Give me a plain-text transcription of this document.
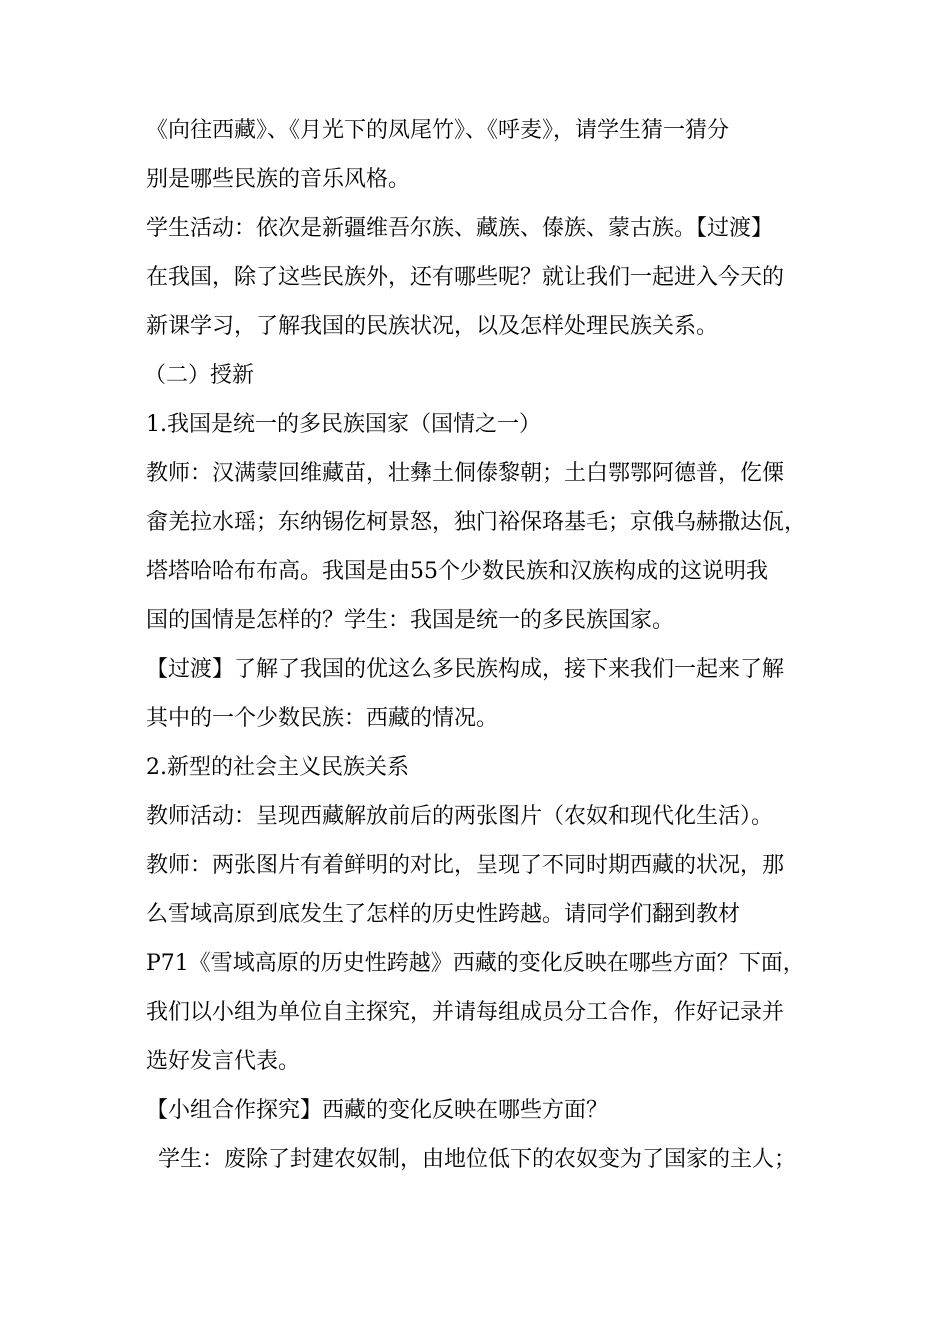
《向往西藏》、《月光下的凤尾竹》、《呼麦》，请学生猜一猜分
别是哪些民族的音乐风格。
学生活动：依次是新疆维吾尔族、藏族、傣族、蒙古族。【过渡】
在我国，除了这些民族外，还有哪些呢？就让我们一起进入今天的
新课学习，了解我国的民族状况，以及怎样处理民族关系。
（二）授新
1.我国是统一的多民族国家（国情之一）
教师：汉满蒙回维藏苗，壮彝土侗傣黎朝；土白鄂鄂阿德普，仡傈
畲羌拉水瑶；东纳锡仡柯景怒，独门裕保珞基毛；京俄乌赫撒达佤，
塔塔哈哈布布高。我国是由55个少数民族和汉族构成的这说明我
国的国情是怎样的？学生：我国是统一的多民族国家。
【过渡】了解了我国的优这么多民族构成，接下来我们一起来了解
其中的一个少数民族：西藏的情况。
2.新型的社会主义民族关系
教师活动：呈现西藏解放前后的两张图片（农奴和现代化生活）。
教师：两张图片有着鲜明的对比，呈现了不同时期西藏的状况，那
么雪域高原到底发生了怎样的历史性跨越。请同学们翻到教材
P71《雪域高原的历史性跨越》西藏的变化反映在哪些方面？下面，
我们以小组为单位自主探究，并请每组成员分工合作，作好记录并
选好发言代表。
【小组合作探究】西藏的变化反映在哪些方面？
学生：废除了封建农奴制，由地位低下的农奴变为了国家的主人；
